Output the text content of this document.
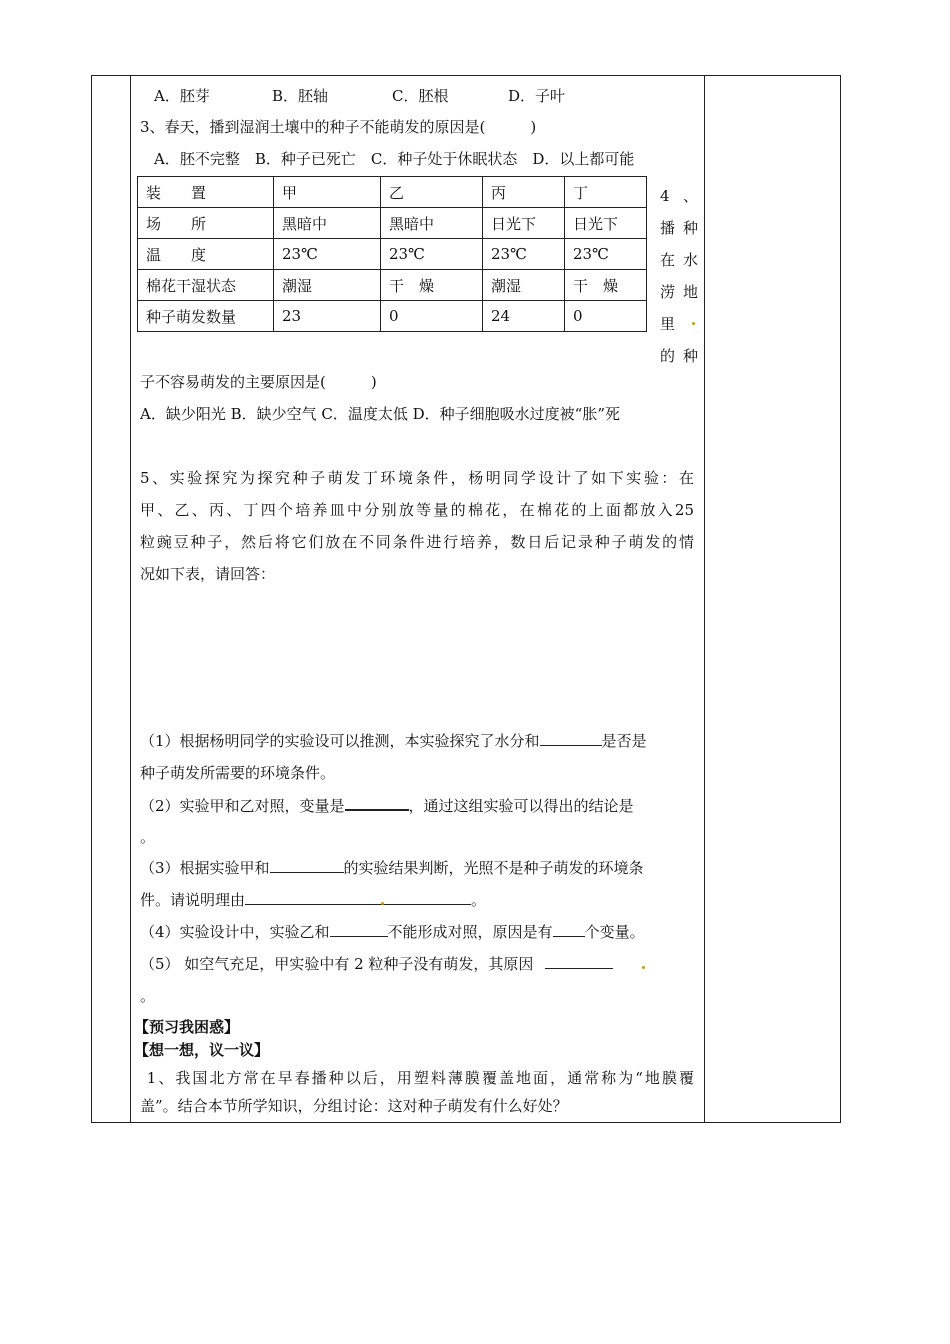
A．胚芽	B．胚轴	C．胚根	D．子叶
3、春天，播到湿润土壤中的种子不能萌发的原因是(　　　)
A．胚不完整　B．种子已死亡　C．种子处于休眠状态　D．以上都可能
装　　置	甲	乙	丙	丁
场　　所	黑暗中	黑暗中	日光下	日光下
温　　度	23℃	23℃	23℃	23℃
棉花干湿状态	潮湿	干　燥	潮湿	干　燥
种子萌发数量	23	0	24	0
4 、
播种
在水
涝地
里
的种
子不容易萌发的主要原因是(　　　)
A．缺少阳光 B．缺少空气 C．温度太低 D．种子细胞吸水过度被“胀”死
5、实验探究为探究种子萌发丁环境条件，杨明同学设计了如下实验：在
甲、乙、丙、丁四个培养皿中分别放等量的棉花，在棉花的上面都放入25
粒豌豆种子，然后将它们放在不同条件进行培养，数日后记录种子萌发的情
况如下表，请回答：
（1）根据杨明同学的实验设可以推测，本实验探究了水分和	是否是
种子萌发所需要的环境条件。
（2）实验甲和乙对照，变量是	，通过这组实验可以得出的结论是
。
（3）根据实验甲和	的实验结果判断，光照不是种子萌发的环境条
件。请说明理由	。
（4）实验设计中，实验乙和	不能形成对照，原因是有 个变量。
（5） 如空气充足，甲实验中有 2 粒种子没有萌发，其原因
。
【预习我困惑】
【想一想，议一议】
1、我国北方常在早春播种以后，用塑料薄膜覆盖地面，通常称为“地膜覆
盖”。结合本节所学知识，分组讨论：这对种子萌发有什么好处？
